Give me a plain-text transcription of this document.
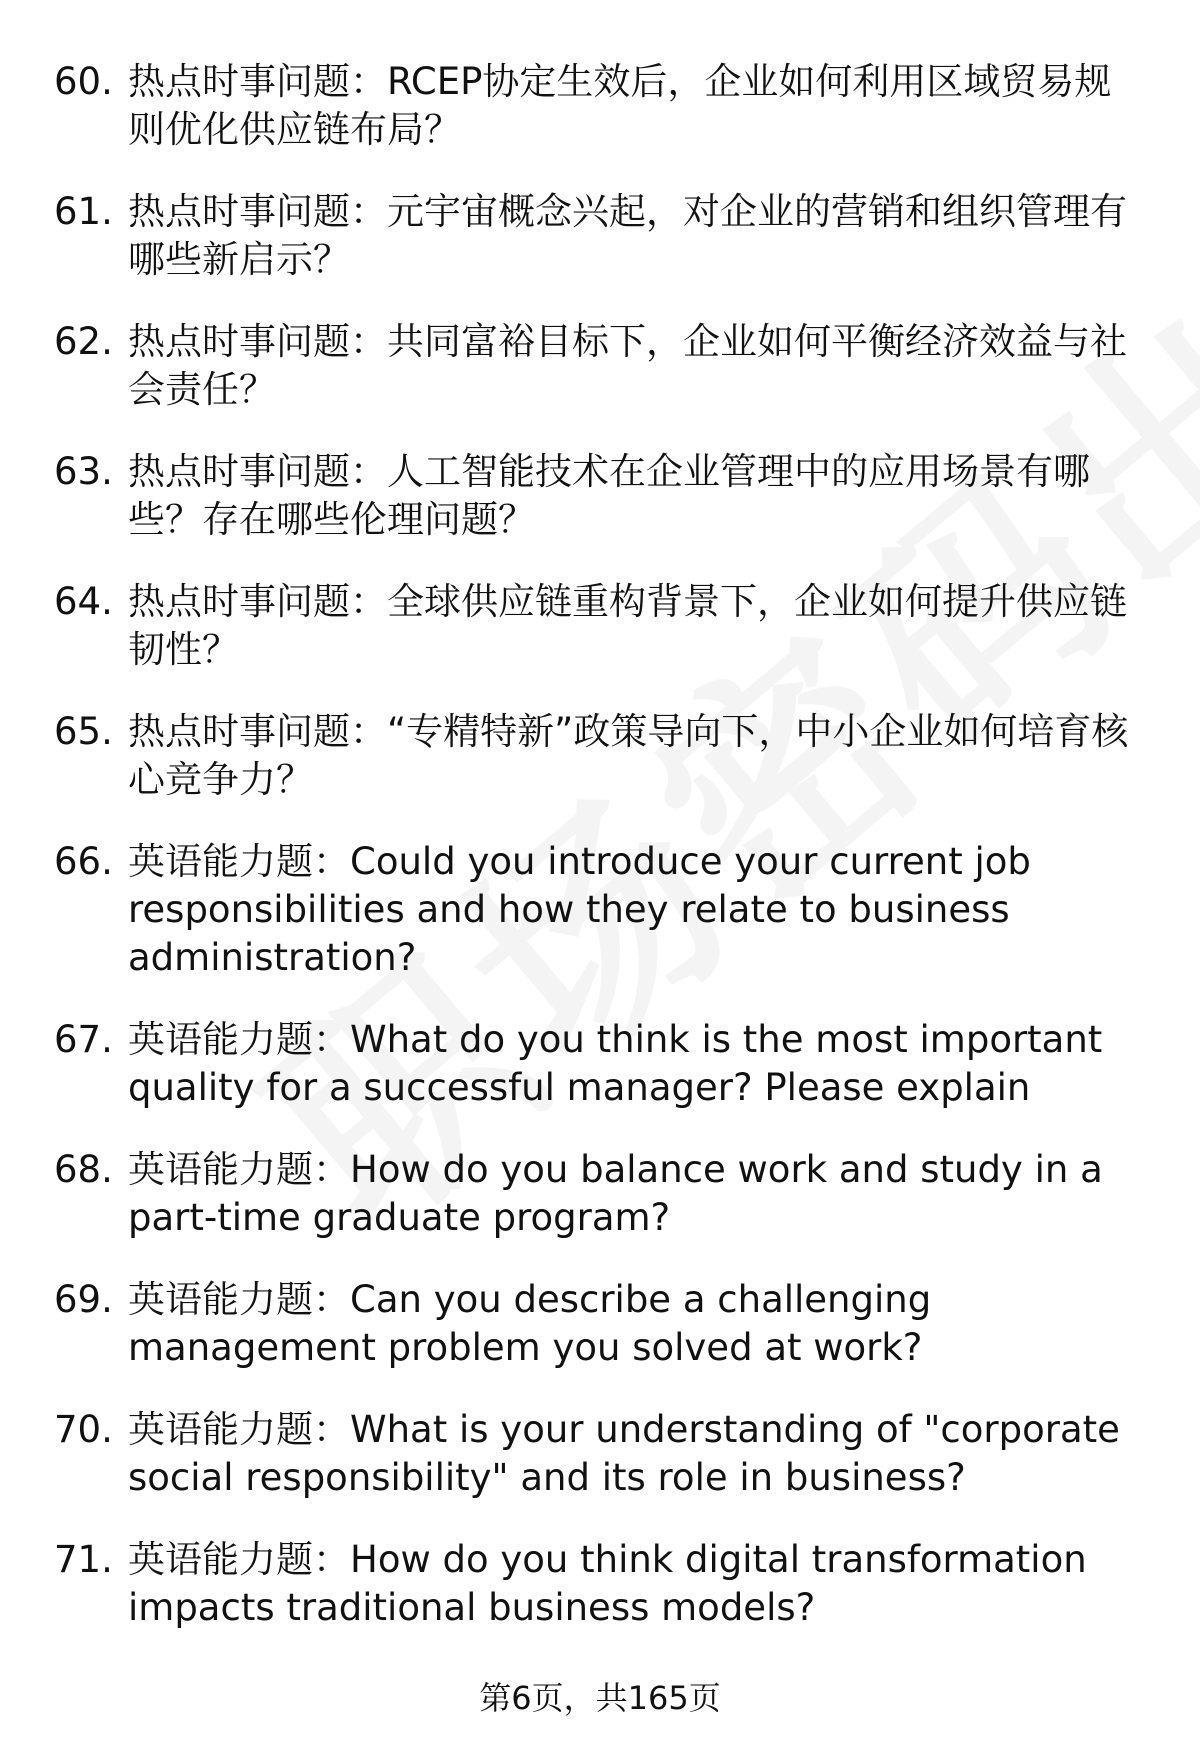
60. 热点时事问题：RCEP协定生效后，企业如何利用区域贸易规则优化供应链布局？
61. 热点时事问题：元宇宙概念兴起，对企业的营销和组织管理有哪些新启示？
62. 热点时事问题：共同富裕目标下，企业如何平衡经济效益与社会责任？
63. 热点时事问题：人工智能技术在企业管理中的应用场景有哪些？存在哪些伦理问题？
64. 热点时事问题：全球供应链重构背景下，企业如何提升供应链韧性？
65. 热点时事问题：“专精特新”政策导向下，中小企业如何培育核心竞争力？
66. 英语能力题：Could you introduce your current job responsibilities and how they relate to business administration?
67. 英语能力题：What do you think is the most important quality for a successful manager? Please explain
68. 英语能力题：How do you balance work and study in a part-time graduate program?
69. 英语能力题：Can you describe a challenging management problem you solved at work?
70. 英语能力题：What is your understanding of "corporate social responsibility" and its role in business?
71. 英语能力题：How do you think digital transformation impacts traditional business models?
第6页，共165页
